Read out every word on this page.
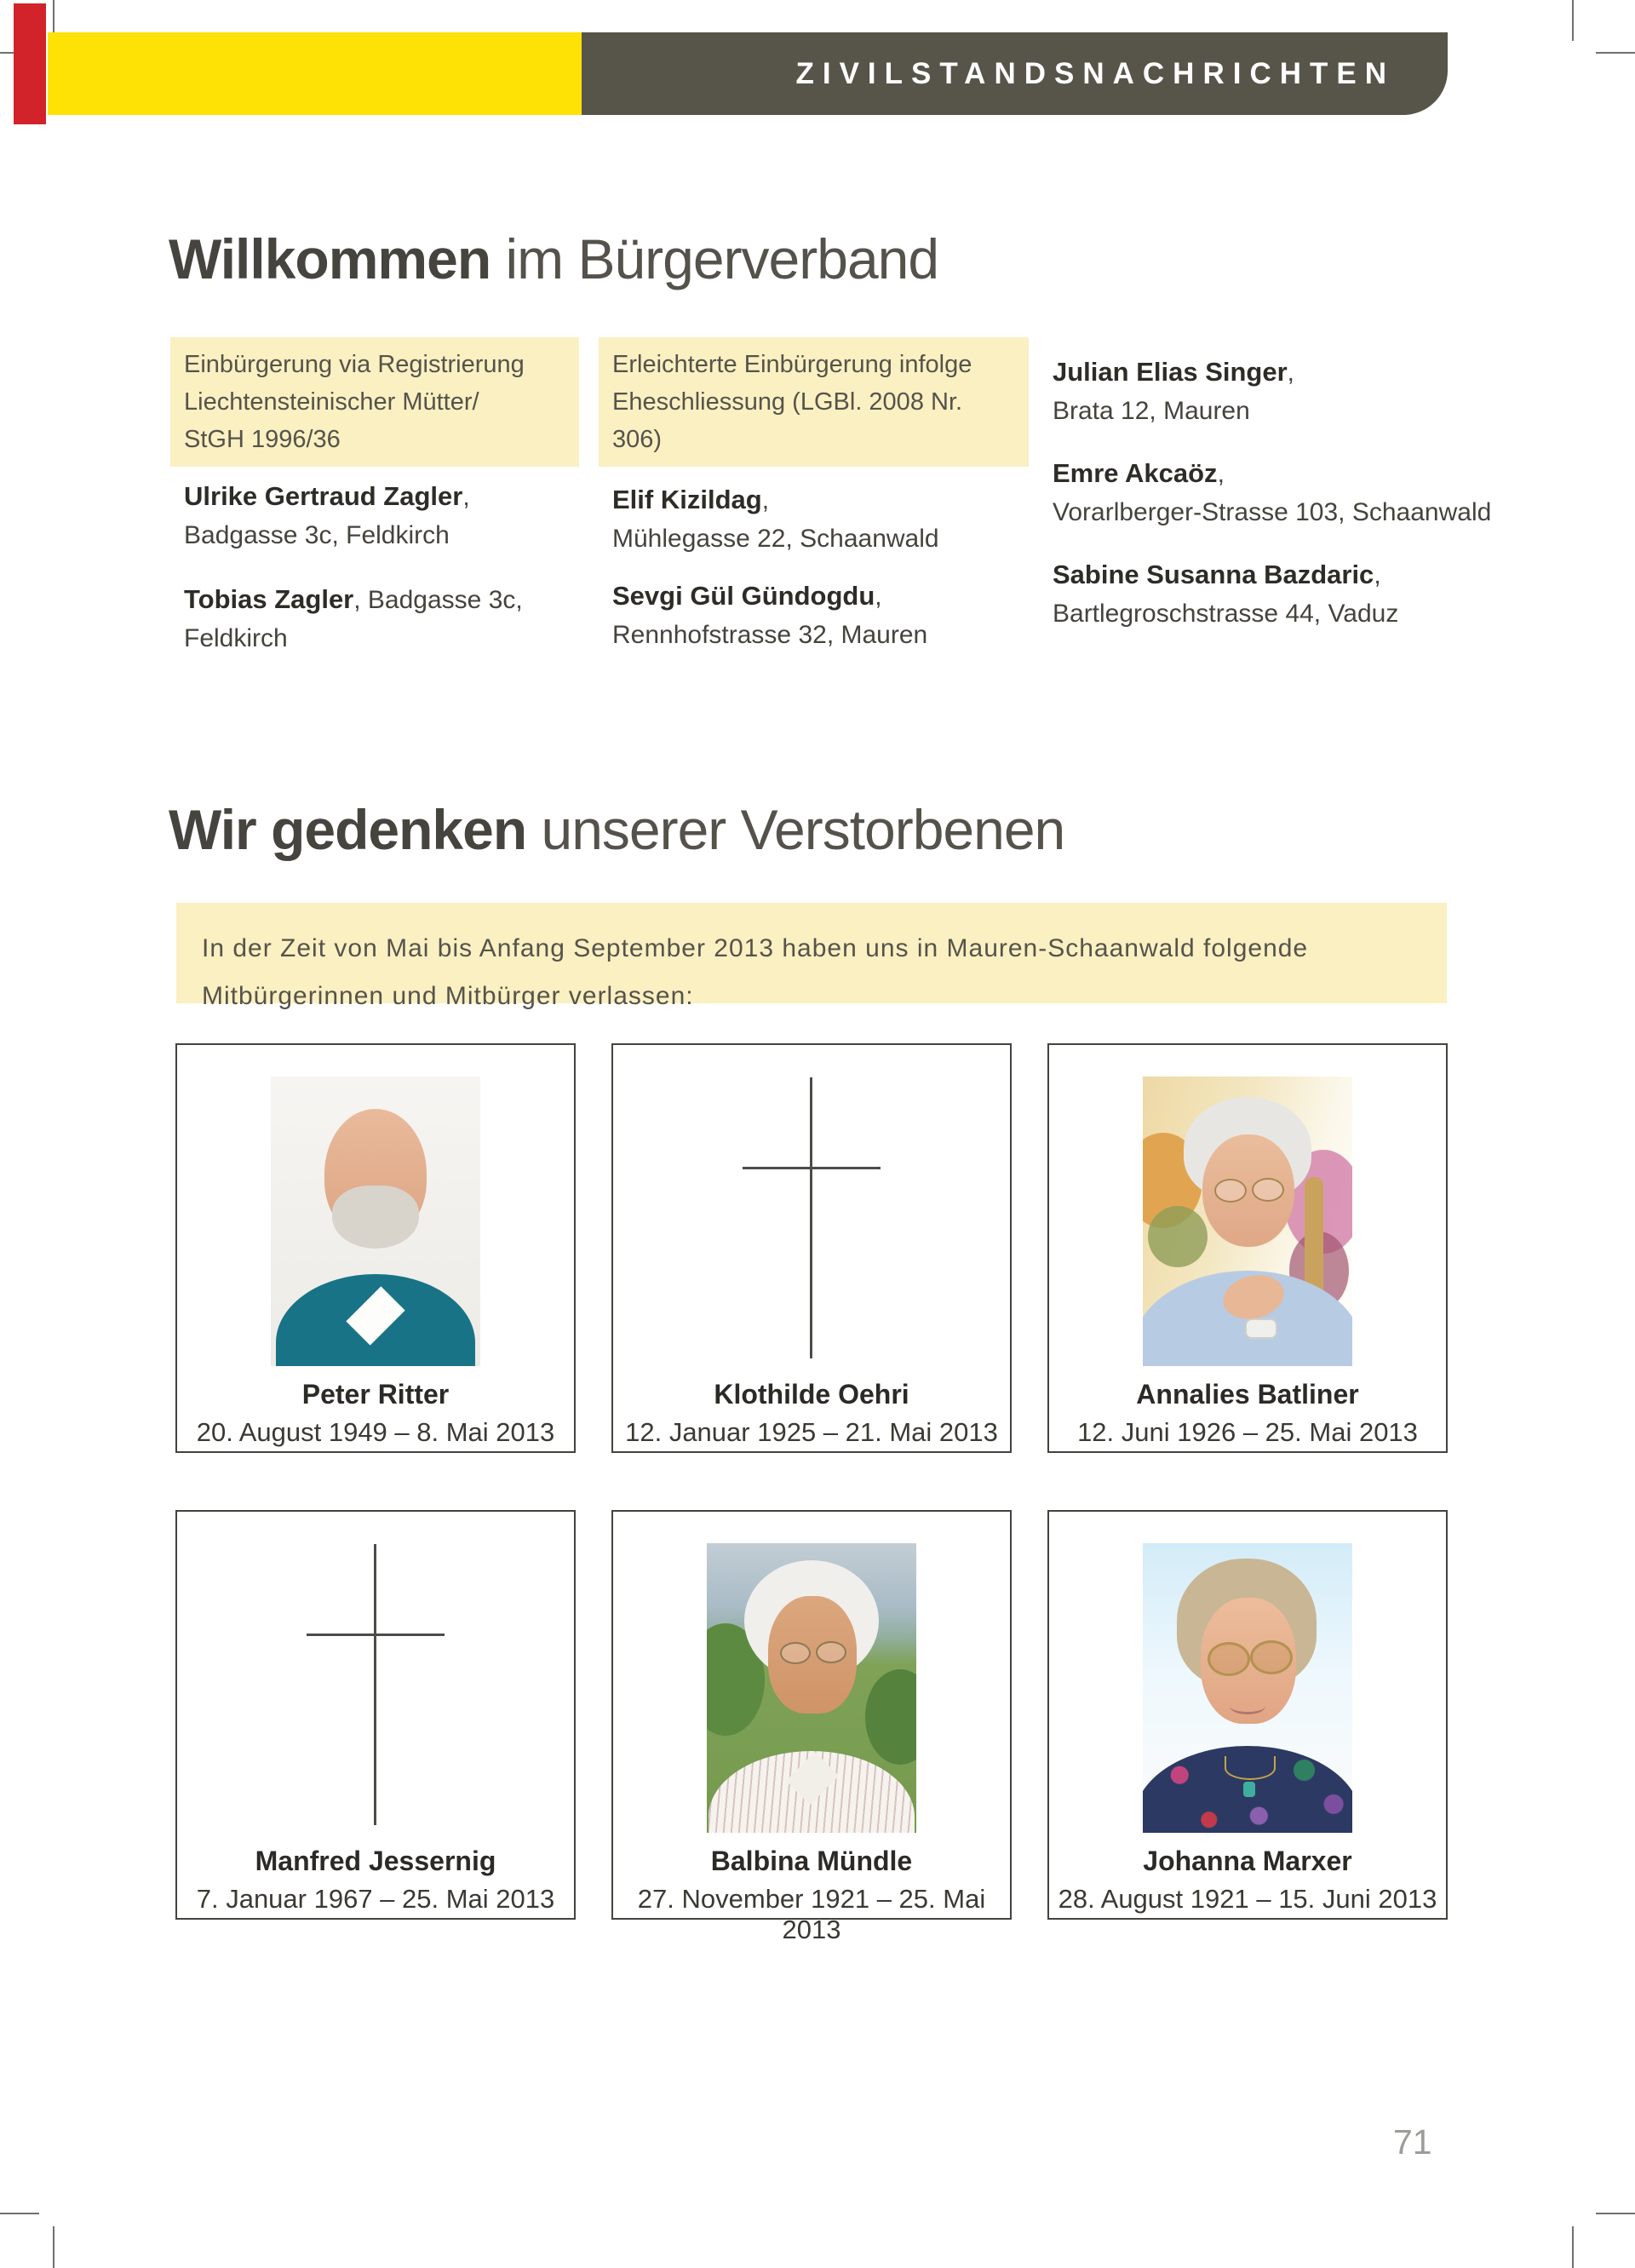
ZIVILSTANDSNACHRICHTEN
Willkommen im Bürgerverband
Einbürgerung via Registrierung
Liechtensteinischer Mütter/
StGH 1996/36
Ulrike Gertraud Zagler,
Badgasse 3c, Feldkirch
Tobias Zagler, Badgasse 3c, Feldkirch
Erleichterte Einbürgerung infolge
Eheschliessung (LGBl. 2008 Nr. 306)
Elif Kizildag,
Mühlegasse 22, Schaanwald
Sevgi Gül Gündogdu,
Rennhofstrasse 32, Mauren
Julian Elias Singer,
Brata 12, Mauren
Emre Akcaöz,
Vorarlberger-Strasse 103, Schaanwald
Sabine Susanna Bazdaric,
Bartlegroschstrasse 44, Vaduz
Wir gedenken unserer Verstorbenen
In der Zeit von Mai bis Anfang September 2013 haben uns in Mauren-Schaanwald folgende
Mitbürgerinnen und Mitbürger verlassen:
Peter Ritter
20. August 1949 – 8. Mai 2013
Klothilde Oehri
12. Januar 1925 – 21. Mai 2013
Annalies Batliner
12. Juni 1926 – 25. Mai 2013
Manfred Jessernig
7. Januar 1967 – 25. Mai 2013
Balbina Mündle
27. November 1921 – 25. Mai 2013
Johanna Marxer
28. August 1921 – 15. Juni 2013
71
